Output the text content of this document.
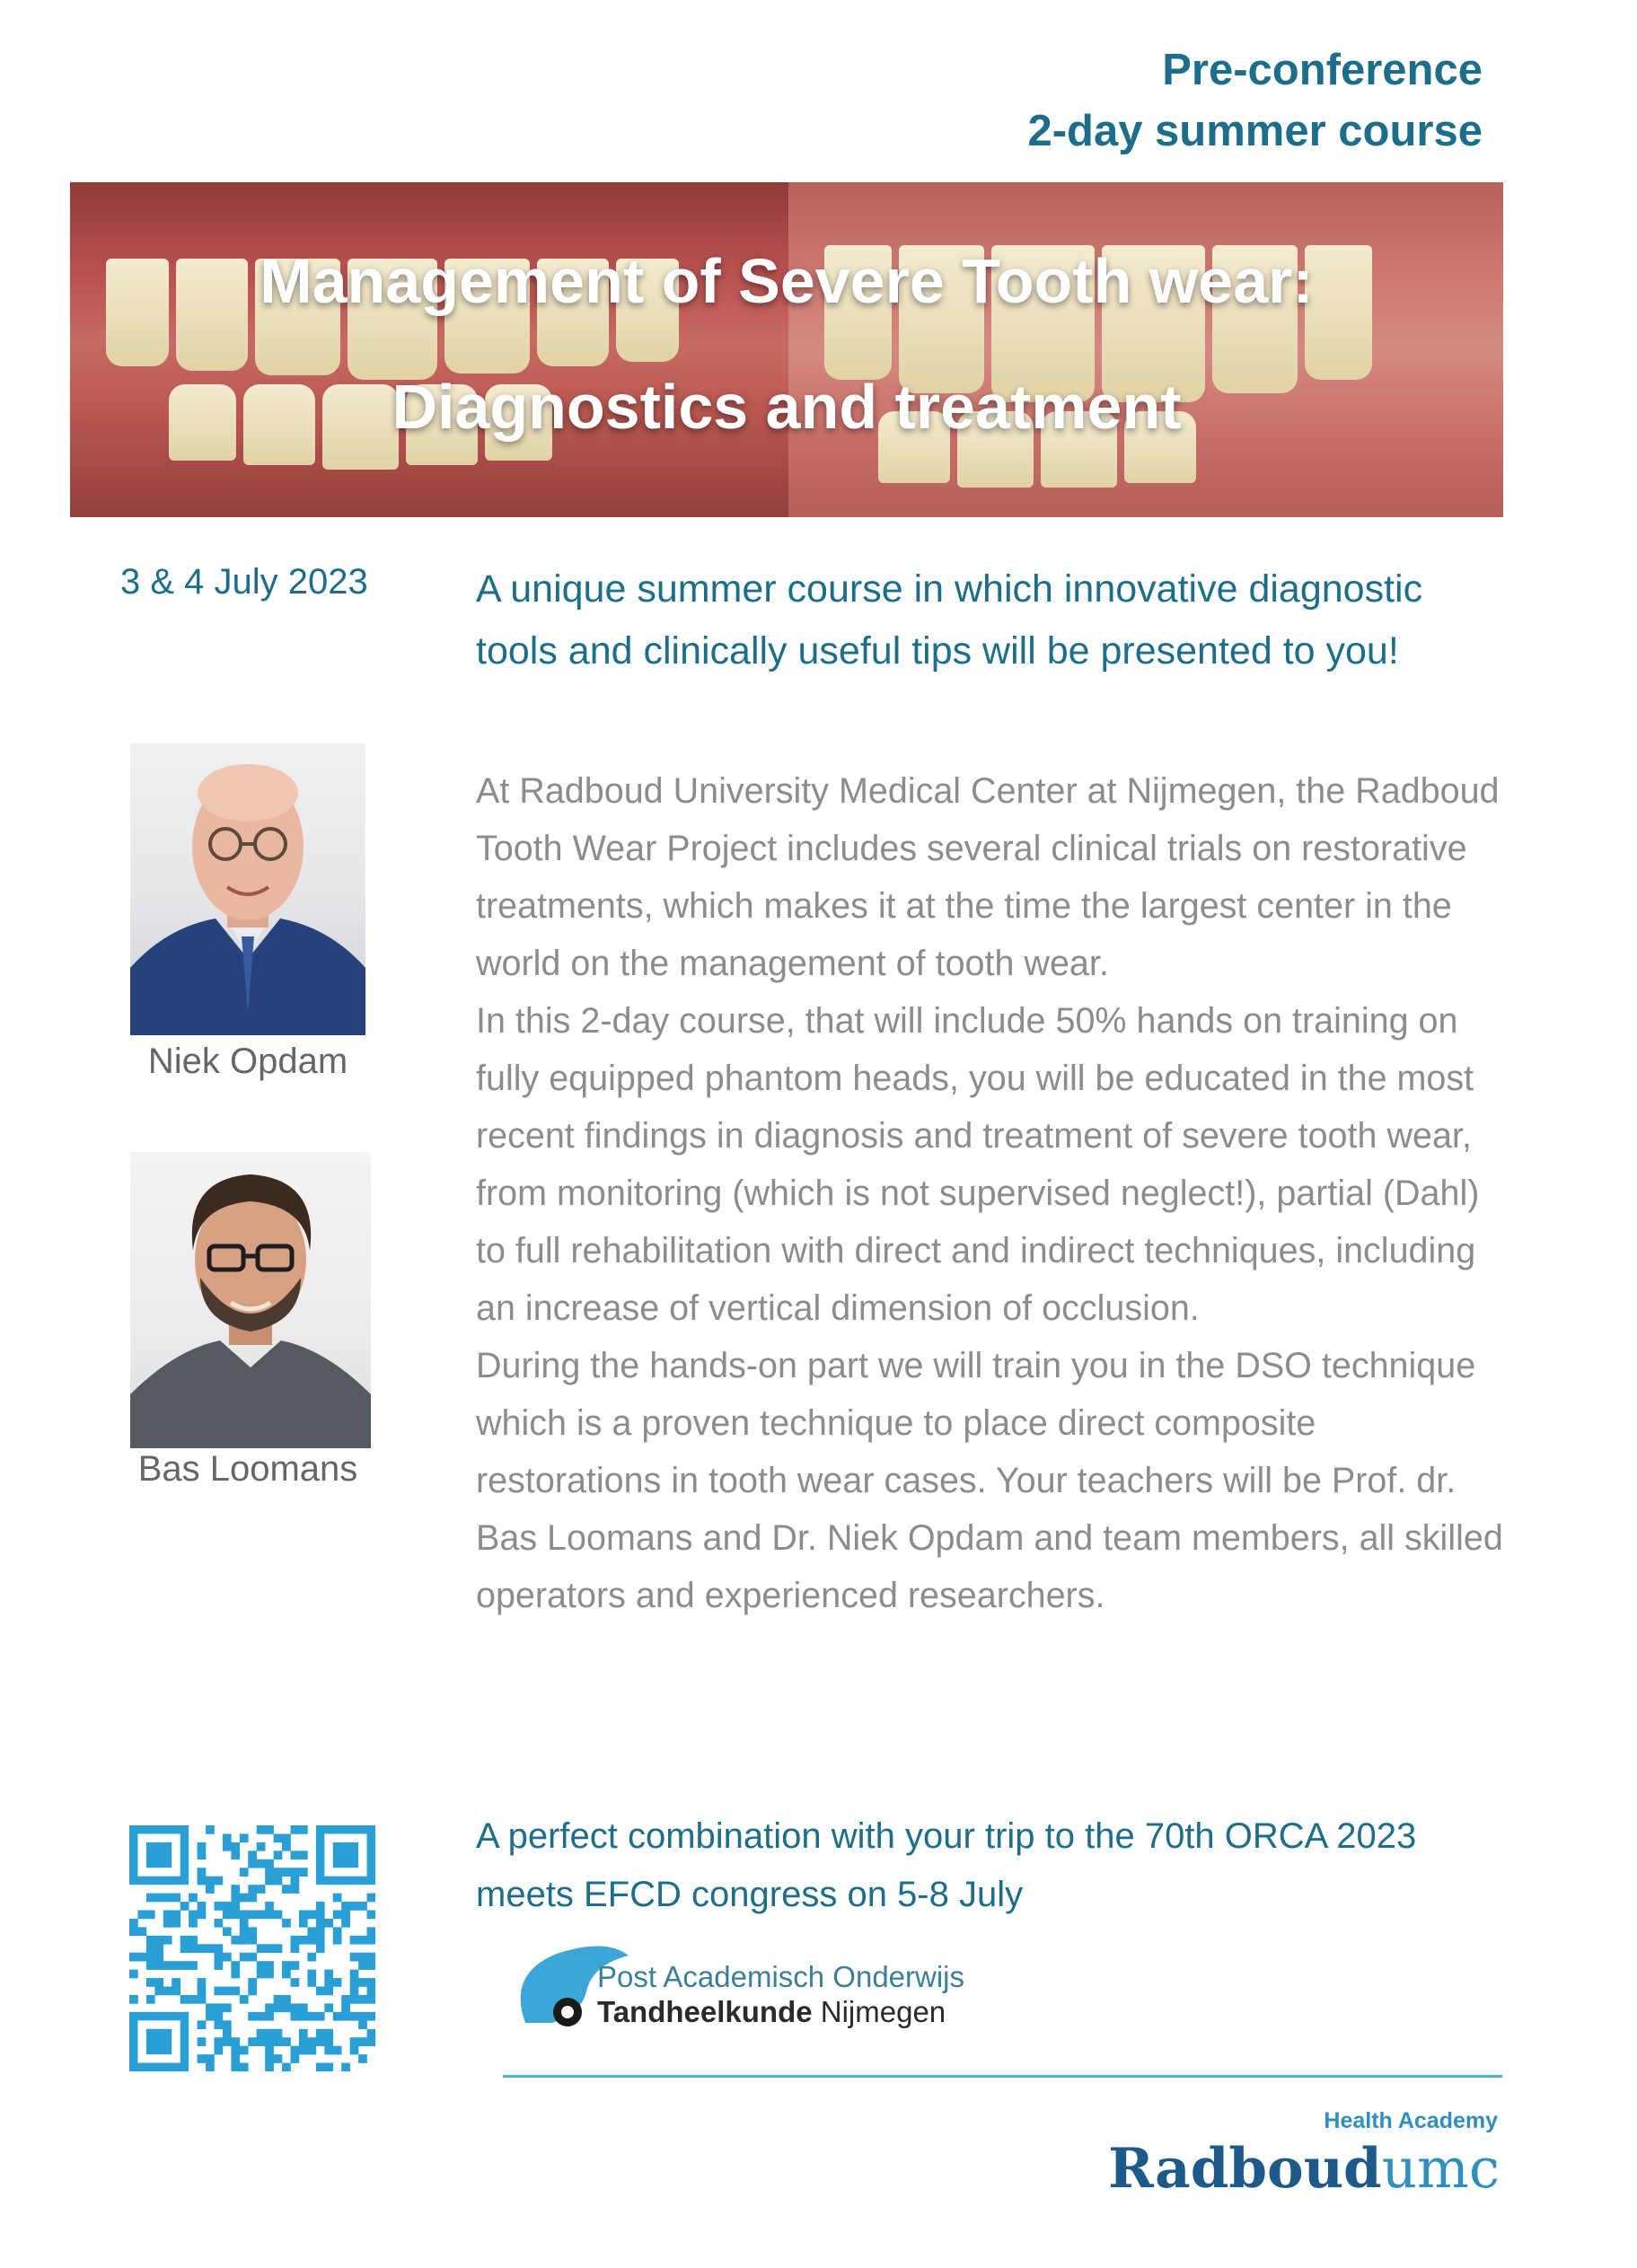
Pre-conference
2-day summer course
Management of Severe Tooth wear:
Diagnostics and treatment
3 & 4 July 2023
Niek Opdam
Bas Loomans
A unique summer course in which innovative diagnostic tools and clinically useful tips will be presented to you!

At Radboud University Medical Center at Nijmegen, the Radboud Tooth Wear Project includes several clinical trials on restorative treatments, which makes it at the time the largest center in the world on the management of tooth wear.

In this 2-day course, that will include 50% hands on training on fully equipped phantom heads, you will be educated in the most recent findings in diagnosis and treatment of severe tooth wear, from monitoring (which is not supervised neglect!), partial (Dahl) to full rehabilitation with direct and indirect techniques, including an increase of vertical dimension of occlusion.

During the hands-on part we will train you in the DSO technique which is a proven technique to place direct composite restorations in tooth wear cases. Your teachers will be Prof. dr. Bas Loomans and Dr. Niek Opdam and team members, all skilled operators and experienced researchers.

A perfect combination with your trip to the 70th ORCA 2023 meets EFCD congress on 5-8 July
Post Academisch Onderwijs
Tandheelkunde Nijmegen
Health Academy
Radboudumc
